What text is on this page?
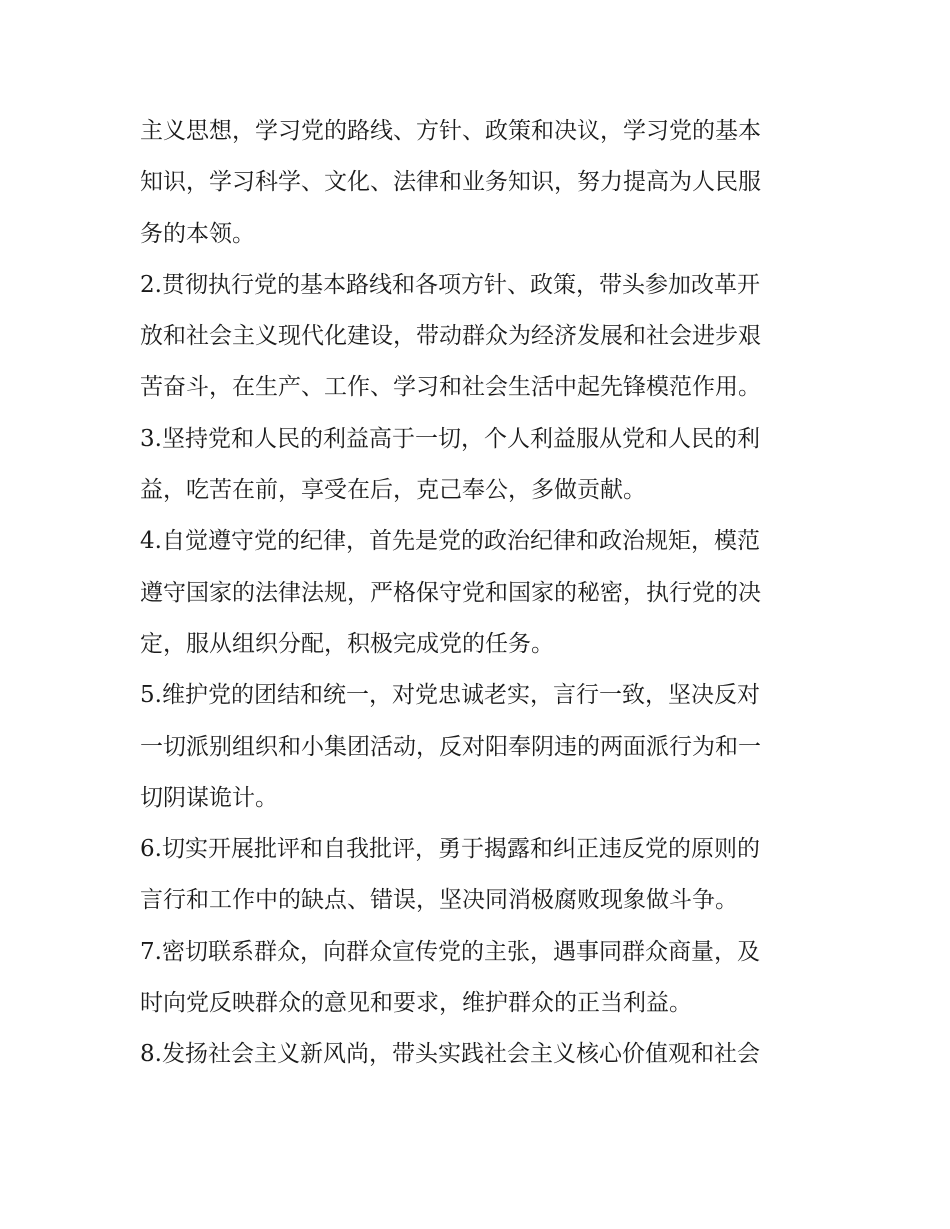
主义思想，学习党的路线、方针、政策和决议，学习党的基本
知识，学习科学、文化、法律和业务知识，努力提高为人民服
务的本领。
2.贯彻执行党的基本路线和各项方针、政策，带头参加改革开
放和社会主义现代化建设，带动群众为经济发展和社会进步艰
苦奋斗，在生产、工作、学习和社会生活中起先锋模范作用。
3.坚持党和人民的利益高于一切，个人利益服从党和人民的利
益，吃苦在前，享受在后，克己奉公，多做贡献。
4.自觉遵守党的纪律，首先是党的政治纪律和政治规矩，模范
遵守国家的法律法规，严格保守党和国家的秘密，执行党的决
定，服从组织分配，积极完成党的任务。
5.维护党的团结和统一，对党忠诚老实，言行一致，坚决反对
一切派别组织和小集团活动，反对阳奉阴违的两面派行为和一
切阴谋诡计。
6.切实开展批评和自我批评，勇于揭露和纠正违反党的原则的
言行和工作中的缺点、错误，坚决同消极腐败现象做斗争。
7.密切联系群众，向群众宣传党的主张，遇事同群众商量，及
时向党反映群众的意见和要求，维护群众的正当利益。
8.发扬社会主义新风尚，带头实践社会主义核心价值观和社会
